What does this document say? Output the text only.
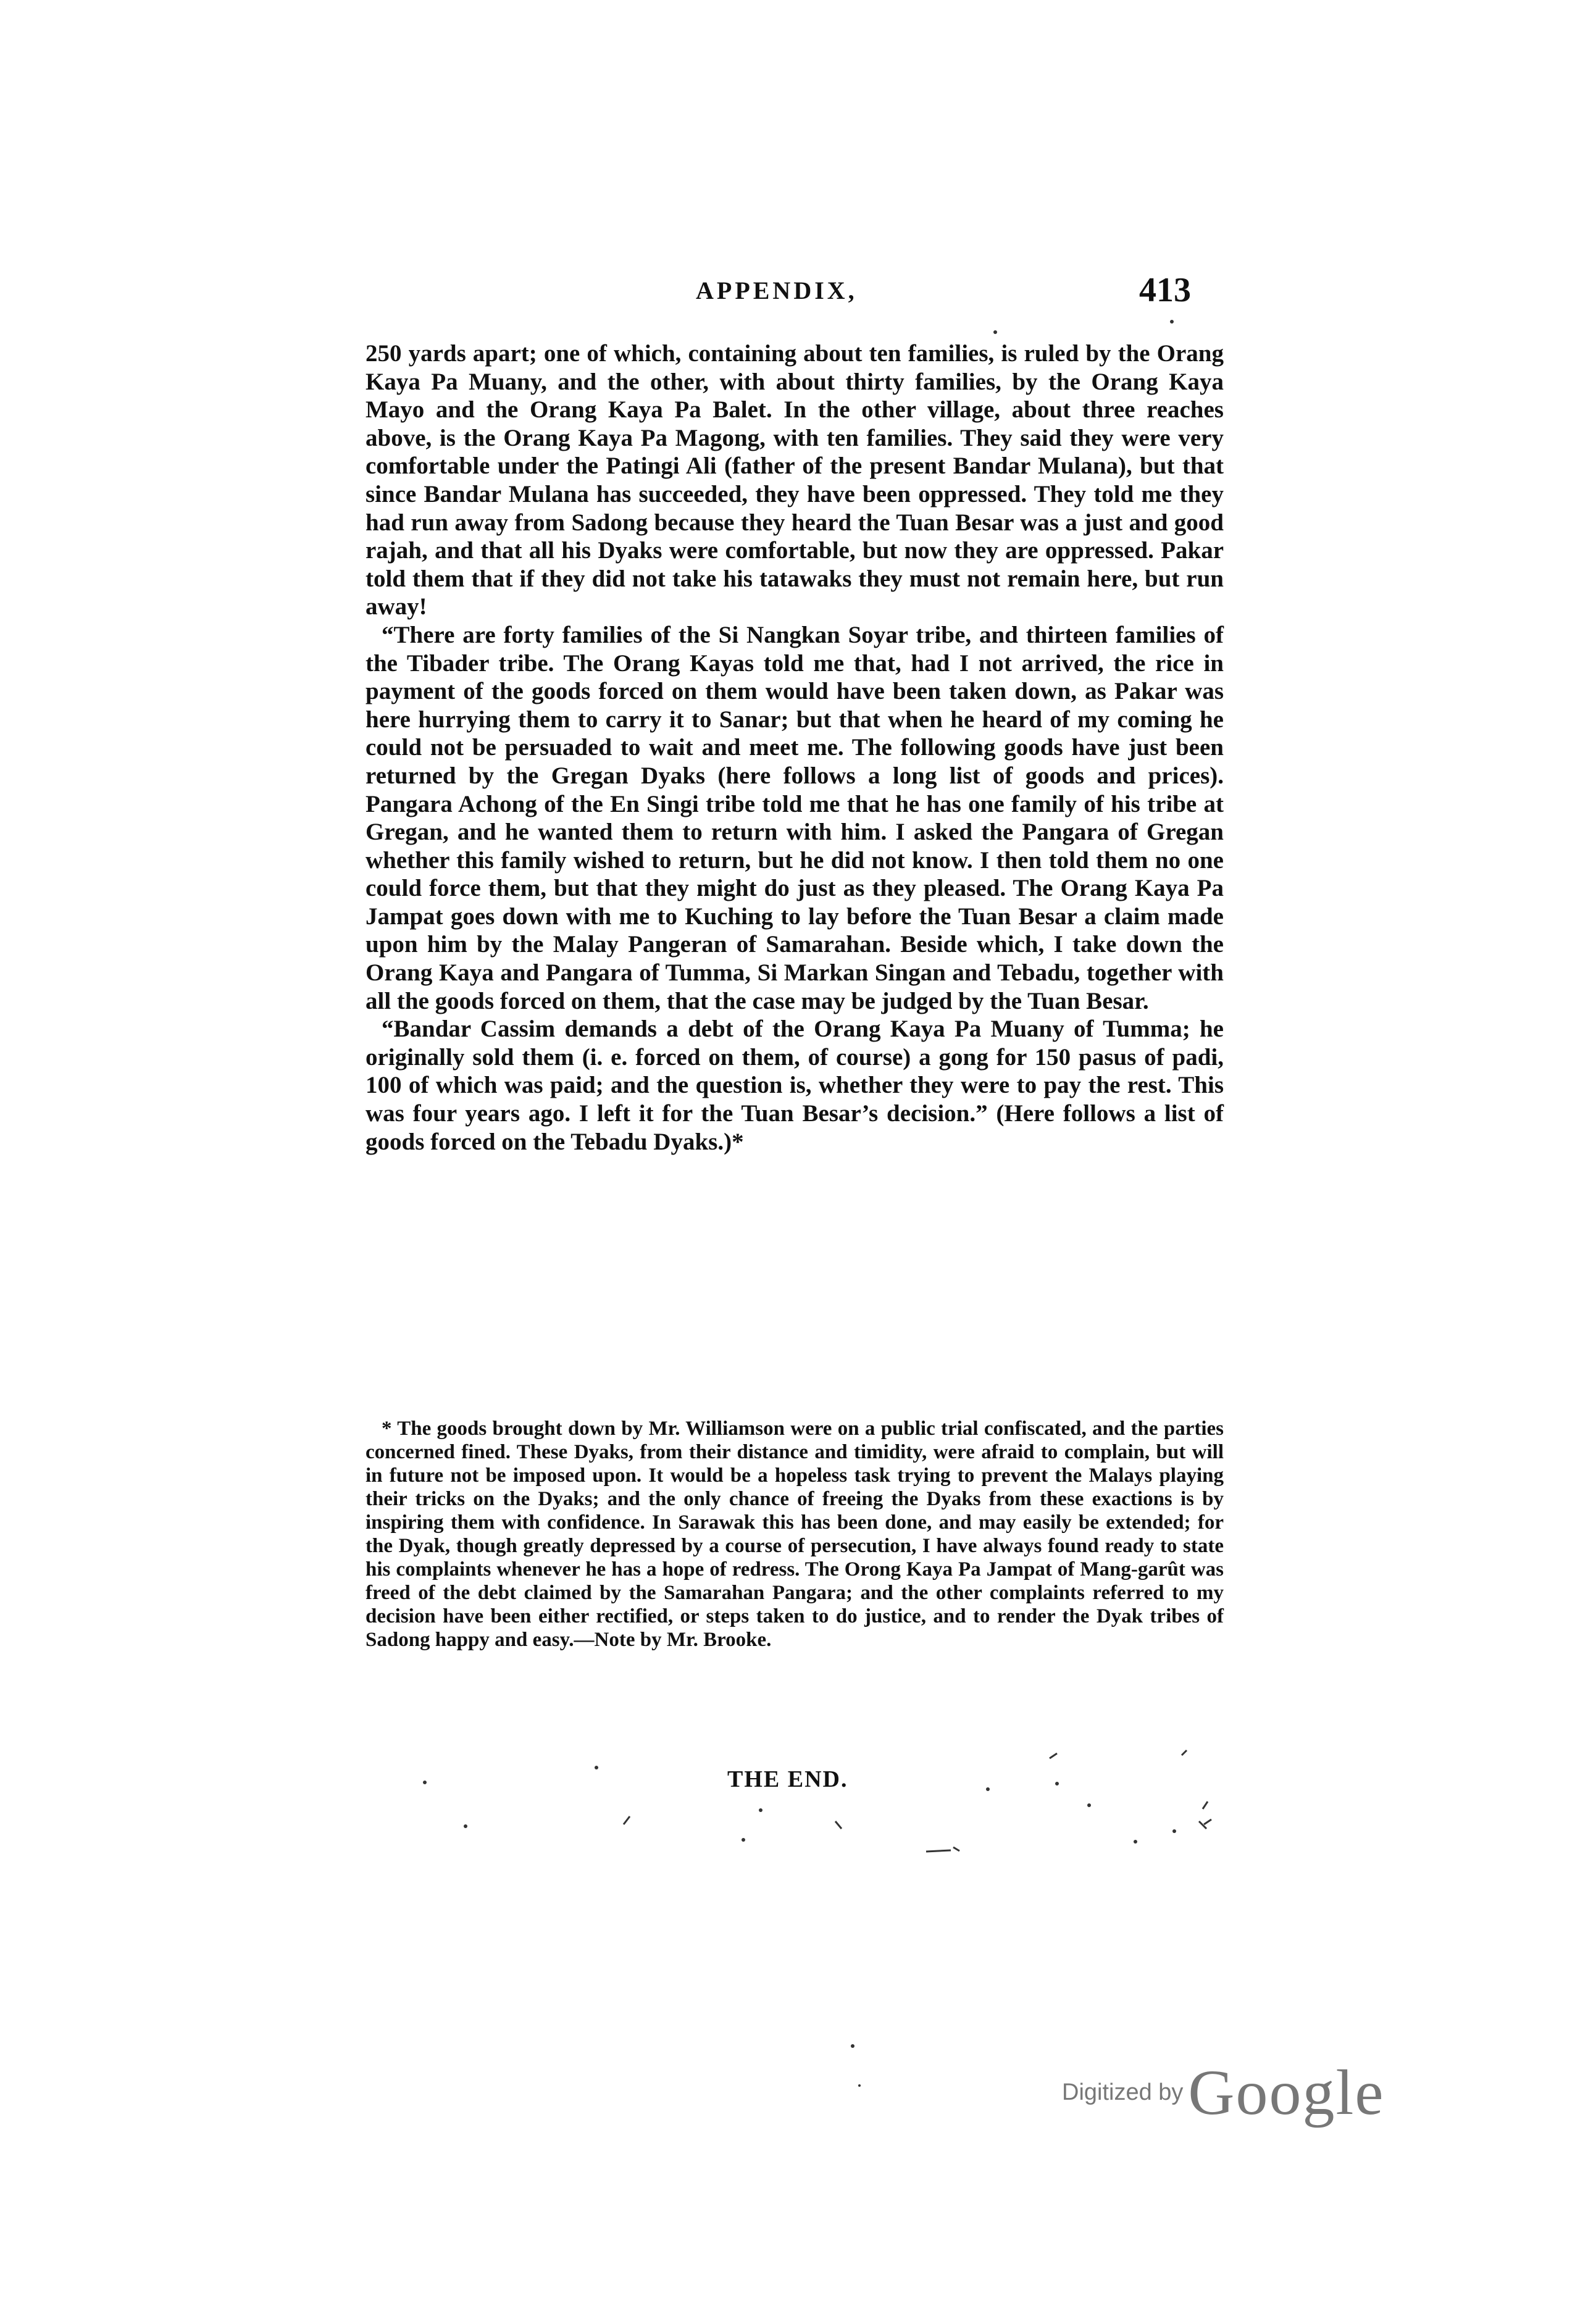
APPENDIX,	413

250 yards apart; one of which, containing about ten families, is ruled by the Orang Kaya Pa Muany, and the other, with about thirty families, by the Orang Kaya Mayo and the Orang Kaya Pa Balet. In the other village, about three reaches above, is the Orang Kaya Pa Magong, with ten families. They said they were very comfortable under the Patingi Ali (father of the present Bandar Mulana), but that since Bandar Mulana has succeeded, they have been oppressed. They told me they had run away from Sadong because they heard the Tuan Besar was a just and good rajah, and that all his Dyaks were comfortable, but now they are oppressed. Pakar told them that if they did not take his tatawaks they must not remain here, but run away!

“There are forty families of the Si Nangkan Soyar tribe, and thirteen families of the Tibader tribe. The Orang Kayas told me that, had I not arrived, the rice in payment of the goods forced on them would have been taken down, as Pakar was here hurrying them to carry it to Sanar; but that when he heard of my coming he could not be persuaded to wait and meet me. The following goods have just been returned by the Gregan Dyaks (here follows a long list of goods and prices). Pangara Achong of the En Singi tribe told me that he has one family of his tribe at Gregan, and he wanted them to return with him. I asked the Pangara of Gregan whether this family wished to return, but he did not know. I then told them no one could force them, but that they might do just as they pleased. The Orang Kaya Pa Jampat goes down with me to Kuching to lay before the Tuan Besar a claim made upon him by the Malay Pangeran of Samarahan. Beside which, I take down the Orang Kaya and Pangara of Tumma, Si Markan Singan and Tebadu, together with all the goods forced on them, that the case may be judged by the Tuan Besar.

“Bandar Cassim demands a debt of the Orang Kaya Pa Muany of Tumma; he originally sold them (i. e. forced on them, of course) a gong for 150 pasus of padi, 100 of which was paid; and the question is, whether they were to pay the rest. This was four years ago. I left it for the Tuan Besar’s decision.” (Here follows a list of goods forced on the Tebadu Dyaks.)*

* The goods brought down by Mr. Williamson were on a public trial confiscated, and the parties concerned fined. These Dyaks, from their distance and timidity, were afraid to complain, but will in future not be imposed upon. It would be a hopeless task trying to prevent the Malays playing their tricks on the Dyaks; and the only chance of freeing the Dyaks from these exactions is by inspiring them with confidence. In Sarawak this has been done, and may easily be extended; for the Dyak, though greatly depressed by a course of persecution, I have always found ready to state his complaints whenever he has a hope of redress. The Orong Kaya Pa Jampat of Mang-garût was freed of the debt claimed by the Samarahan Pangara; and the other complaints referred to my decision have been either rectified, or steps taken to do justice, and to render the Dyak tribes of Sadong happy and easy.—Note by Mr. Brooke.
THE END.
Digitized byGoogle
